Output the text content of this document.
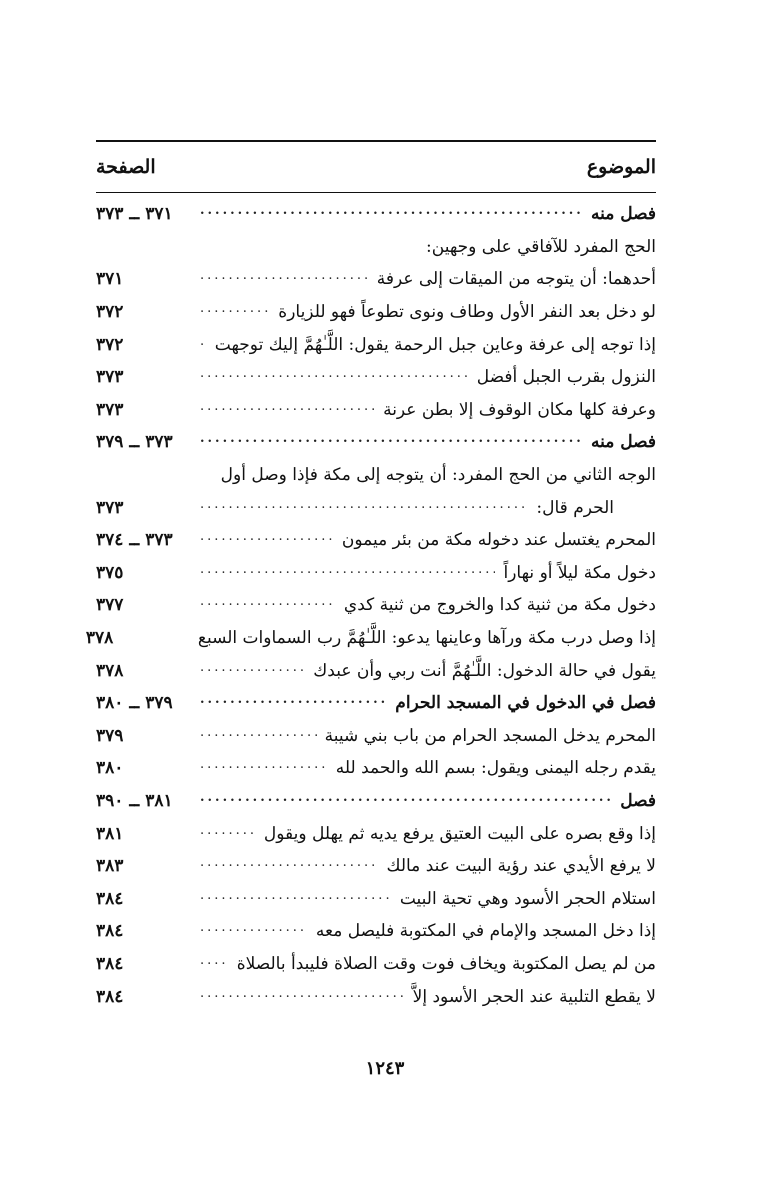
الموضوع
الصفحة
فصل منه
.....
٣٧١ ــ ٣٧٣
الحج المفرد للآفاقي على وجهين:
أحدهما: أن يتوجه من الميقات إلى عرفة
.....
٣٧١
لو دخل بعد النفر الأول وطاف ونوى تطوعاً فهو للزيارة
.....
٣٧٢
إذا توجه إلى عرفة وعاين جبل الرحمة يقول: اللَّـٰهُمَّ إليك توجهت
.....
٣٧٢
النزول بقرب الجبل أفضل
.....
٣٧٣
وعرفة كلها مكان الوقوف إلا بطن عرنة
.....
٣٧٣
فصل منه
.....
٣٧٣ ــ ٣٧٩
الوجه الثاني من الحج المفرد: أن يتوجه إلى مكة فإذا وصل أول
الحرم قال:
.....
٣٧٣
المحرم يغتسل عند دخوله مكة من بئر ميمون
.....
٣٧٣ ــ ٣٧٤
دخول مكة ليلاً أو نهاراً
.....
٣٧٥
دخول مكة من ثنية كدا والخروج من ثنية كدي
.....
٣٧٧
إذا وصل درب مكة ورآها وعاينها يدعو: اللَّـٰهُمَّ رب السماوات السبع
٣٧٨
يقول في حالة الدخول: اللَّـٰهُمَّ أنت ربي وأن عبدك
.....
٣٧٨
فصل في الدخول في المسجد الحرام
.....
٣٧٩ ــ ٣٨٠
المحرم يدخل المسجد الحرام من باب بني شيبة
.....
٣٧٩
يقدم رجله اليمنى ويقول: بسم الله والحمد لله
.....
٣٨٠
فصل
.....
٣٨١ ــ ٣٩٠
إذا وقع بصره على البيت العتيق يرفع يديه ثم يهلل ويقول
.....
٣٨١
لا يرفع الأيدي عند رؤية البيت عند مالك
.....
٣٨٣
استلام الحجر الأسود وهي تحية البيت
.....
٣٨٤
إذا دخل المسجد والإمام في المكتوبة فليصل معه
.....
٣٨٤
من لم يصل المكتوبة ويخاف فوت وقت الصلاة فليبدأ بالصلاة
.....
٣٨٤
لا يقطع التلبية عند الحجر الأسود إلاَّ
.....
٣٨٤
١٢٤٣
